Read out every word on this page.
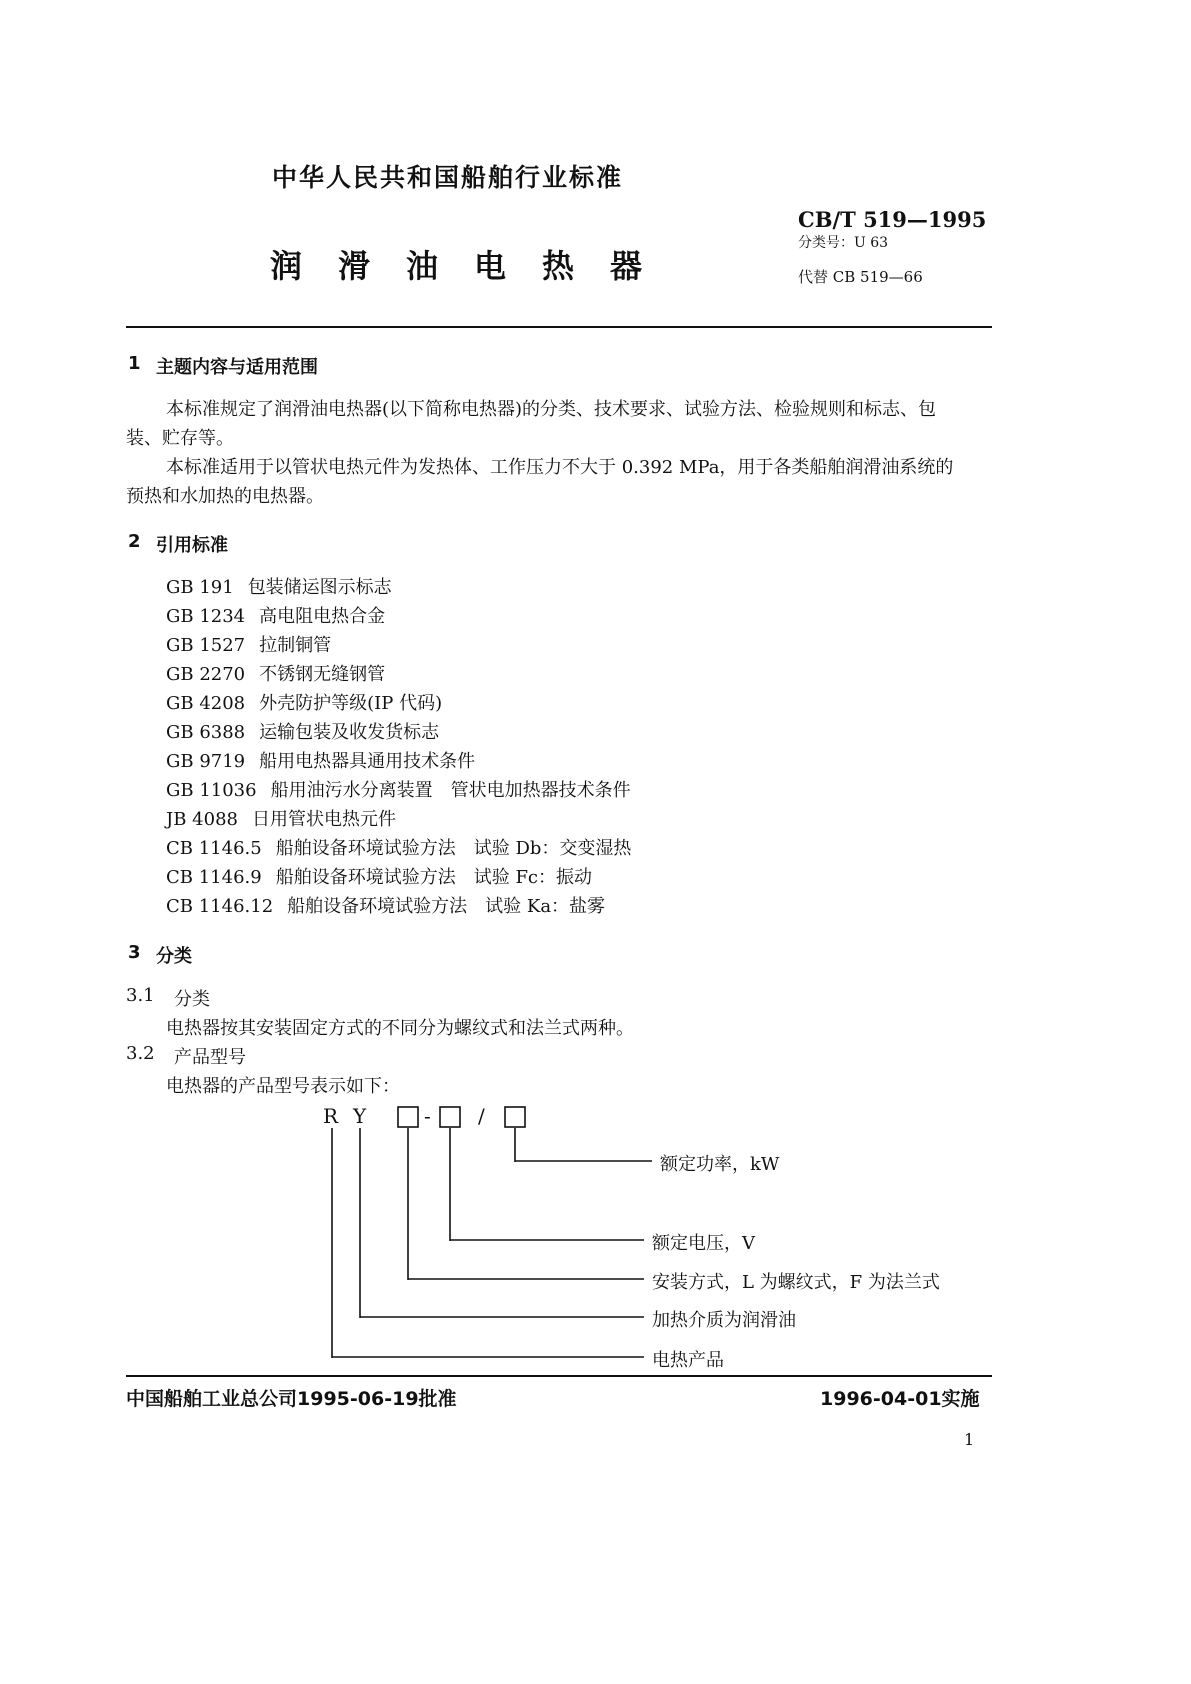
中华人民共和国船舶行业标准
润 滑 油 电 热 器
CB/T 519—1995
分类号：U 63
代替 CB 519—66
1 主题内容与适用范围
本标准规定了润滑油电热器(以下简称电热器)的分类、技术要求、试验方法、检验规则和标志、包
装、贮存等。
本标准适用于以管状电热元件为发热体、工作压力不大于 0.392 MPa，用于各类船舶润滑油系统的
预热和水加热的电热器。
2 引用标准
GB 191 包装储运图示标志
GB 1234 高电阻电热合金
GB 1527 拉制铜管
GB 2270 不锈钢无缝钢管
GB 4208 外壳防护等级(IP 代码)
GB 6388 运输包装及收发货标志
GB 9719 船用电热器具通用技术条件
GB 11036 船用油污水分离装置　管状电加热器技术条件
JB 4088 日用管状电热元件
CB 1146.5 船舶设备环境试验方法　试验 Db：交变湿热
CB 1146.9 船舶设备环境试验方法　试验 Fc：振动
CB 1146.12 船舶设备环境试验方法　试验 Ka：盐雾
3 分类
3.1 分类
电热器按其安装固定方式的不同分为螺纹式和法兰式两种。
3.2 产品型号
电热器的产品型号表示如下：
R Y	- /
额定功率，kW
额定电压，V
安装方式，L 为螺纹式，F 为法兰式
加热介质为润滑油
电热产品
中国船舶工业总公司1995-06-19批准	1996-04-01实施
1
